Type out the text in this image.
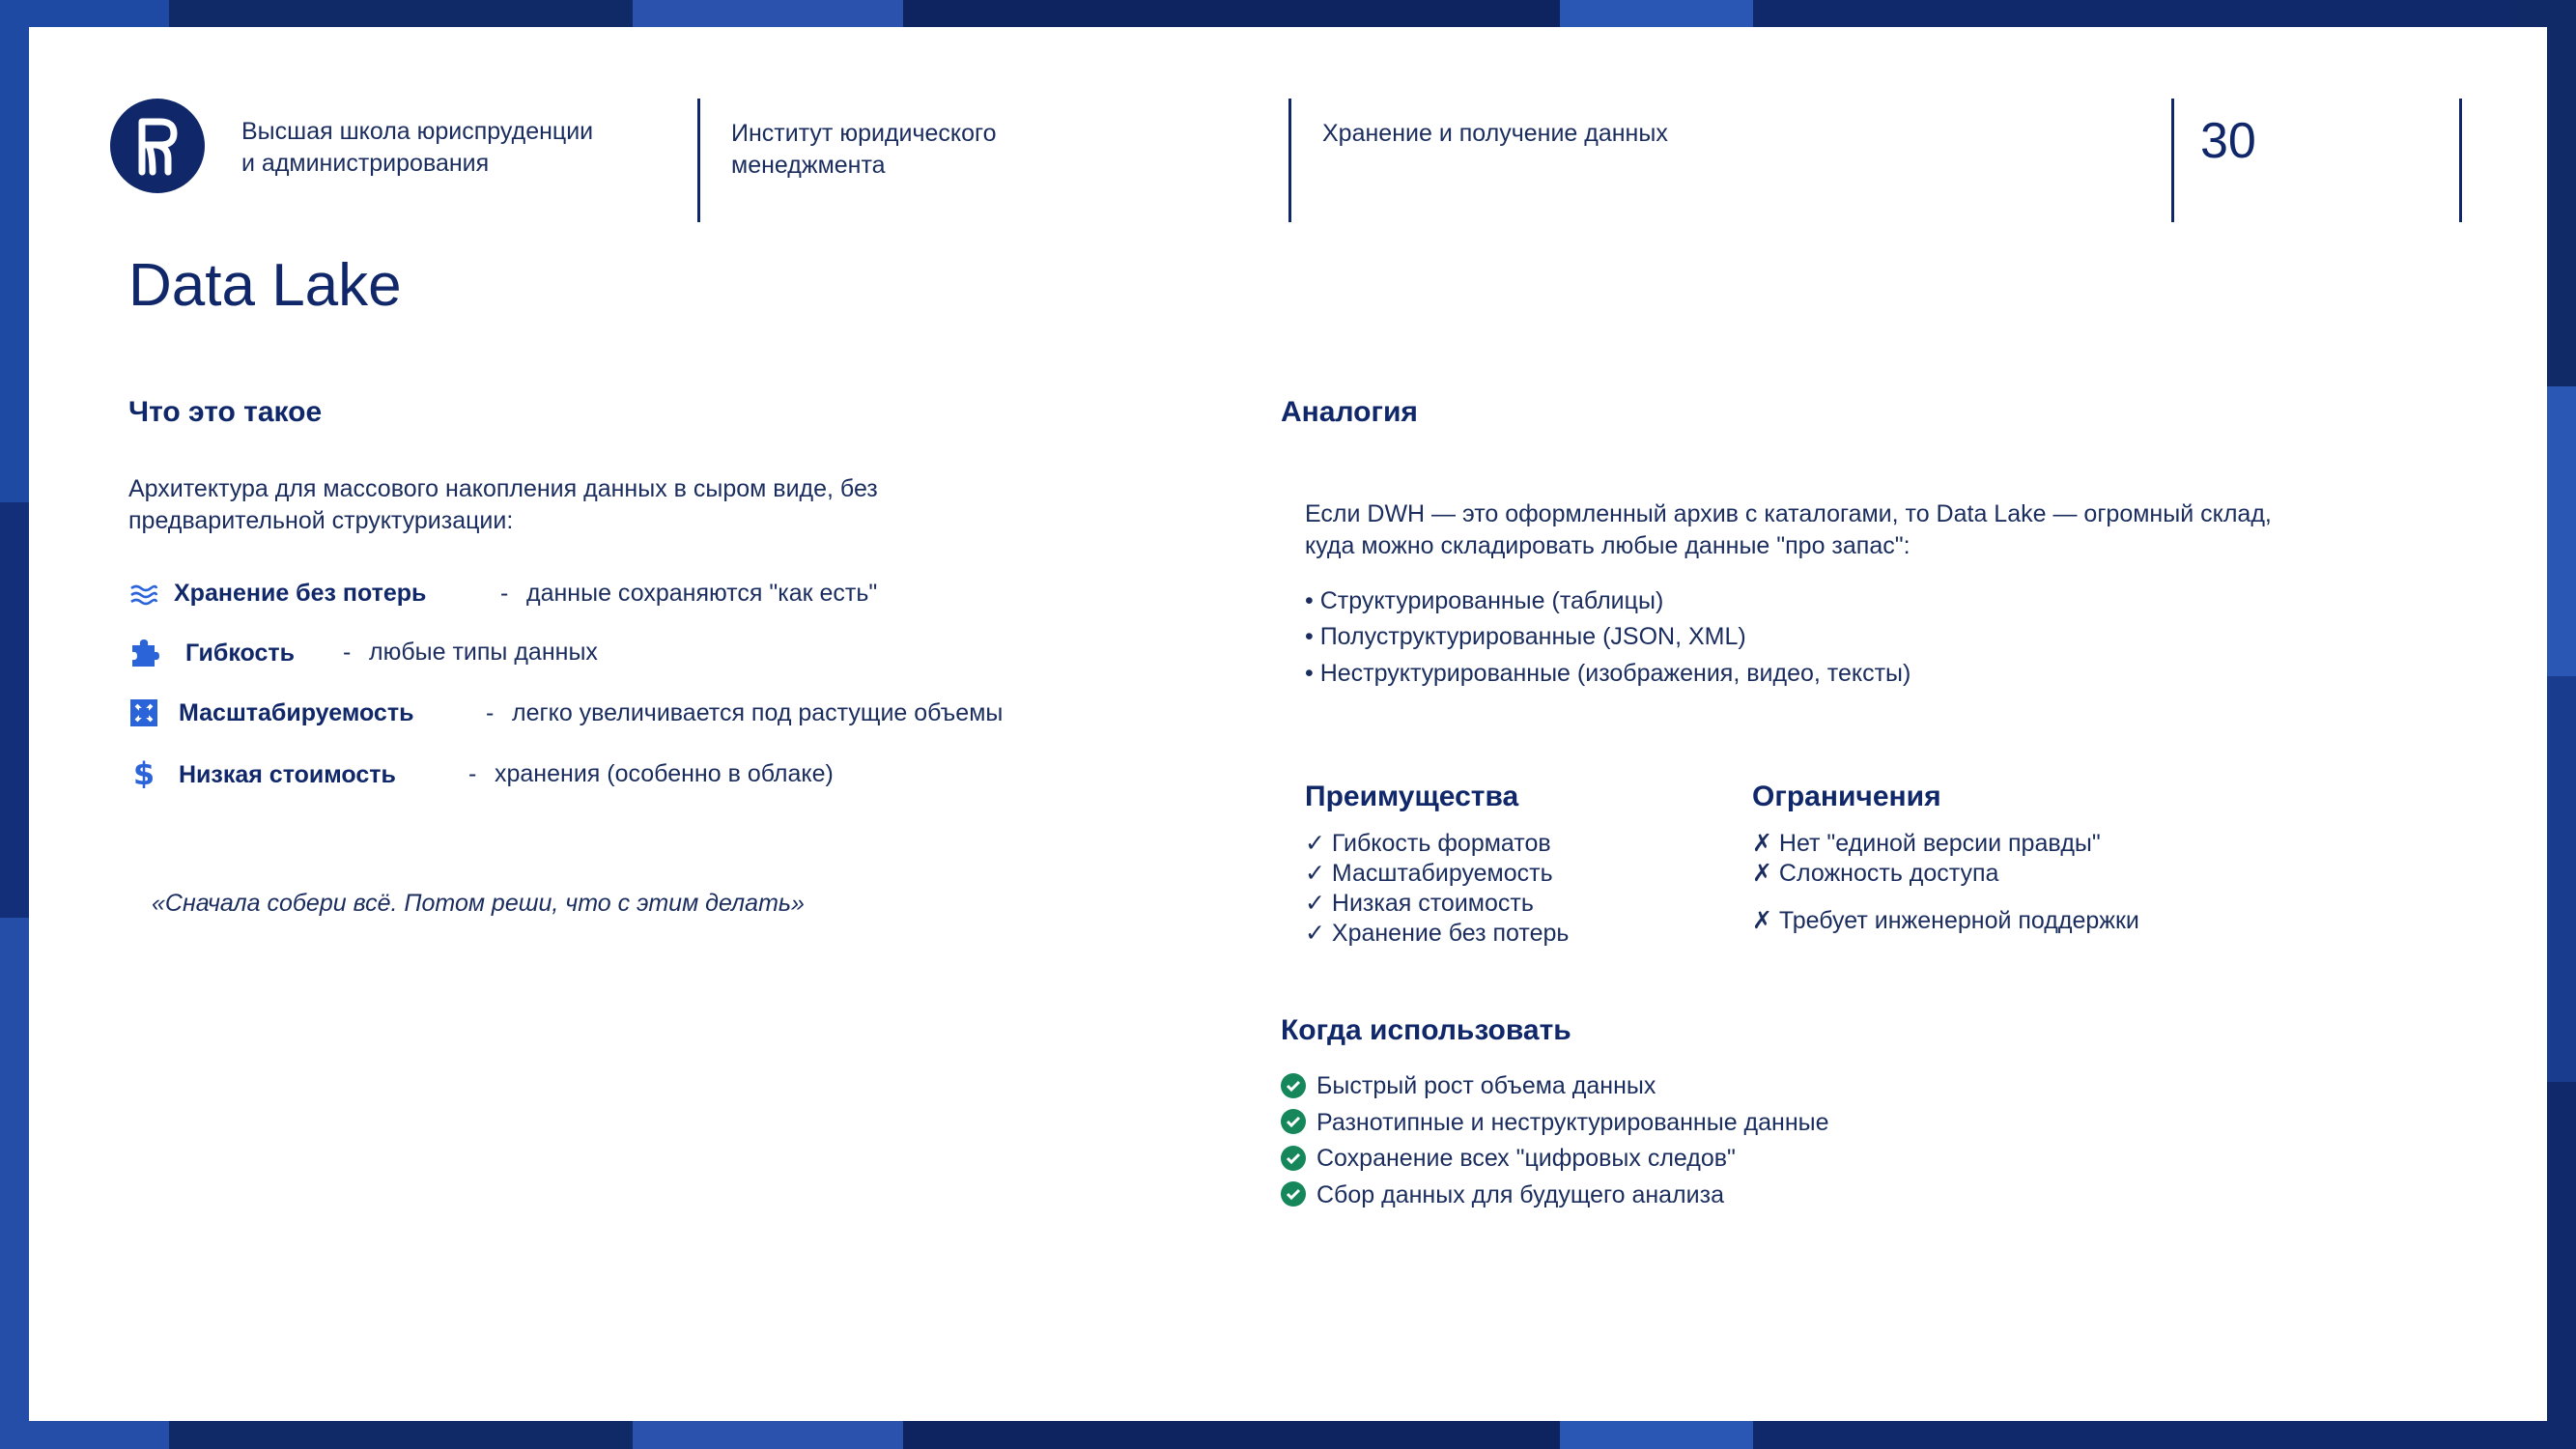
Высшая школа юриспруденции
и администрирования
Институт юридического
менеджмента
Хранение и получение данных	30
Data Lake
Что это такое
Архитектура для массового накопления данных в сыром виде, без
предварительной структуризации:
Хранение без потерь	- данные сохраняются "как есть"
Гибкость - любые типы данных
Масштабируемость	- легко увеличивается под растущие объемы
$ Низкая стоимость	- хранения (особенно в облаке)
«Сначала собери всё. Потом реши, что с этим делать»
Аналогия
Если DWH — это оформленный архив с каталогами, то Data Lake — огромный склад,
куда можно складировать любые данные "про запас":
• Структурированные (таблицы)
• Полуструктурированные (JSON, XML)
• Неструктурированные (изображения, видео, тексты)
Преимущества
✓ Гибкость форматов
✓ Масштабируемость
✓ Низкая стоимость
✓ Хранение без потерь
Ограничения
✗ Нет "единой версии правды"
✗ Сложность доступа
✗ Требует инженерной поддержки
Когда использовать
Быстрый рост объема данных
Разнотипные и неструктурированные данные
Сохранение всех "цифровых следов"
Сбор данных для будущего анализа
